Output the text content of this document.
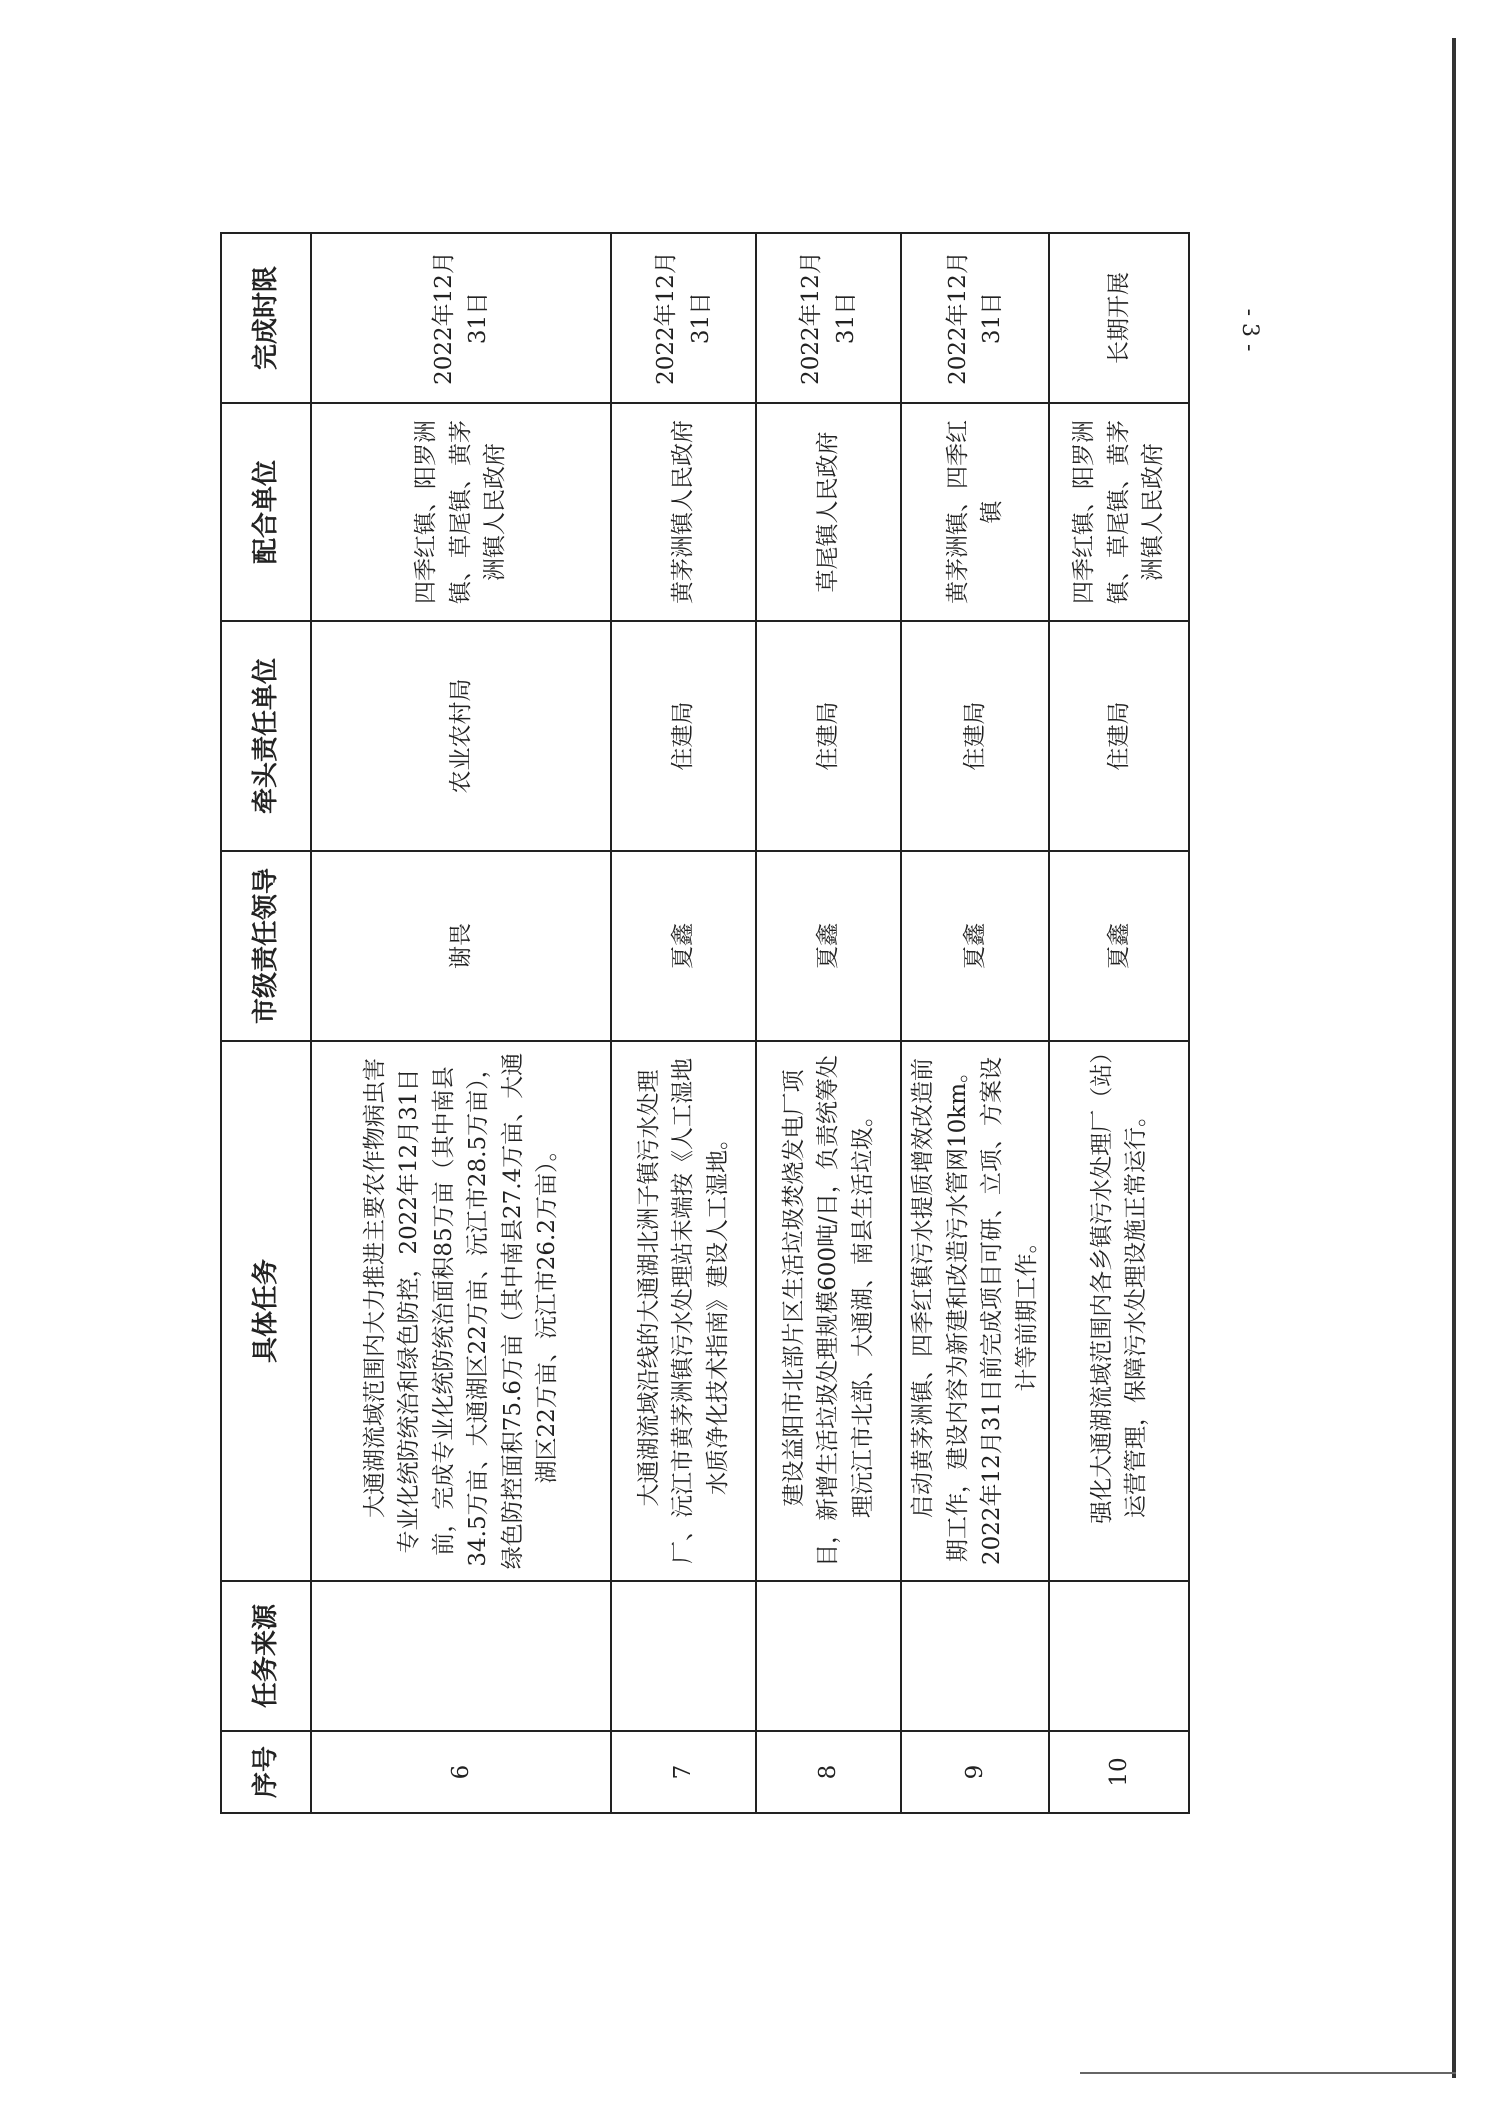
序号	任务来源	具体任务	市级责任领导	牵头责任单位	配合单位	完成时限
6		大通湖流域范围内大力推进主要农作物病虫害专业化统防统治和绿色防控，2022年12月31日前，完成专业化统防统治面积85万亩（其中南县34.5万亩、大通湖区22万亩、沅江市28.5万亩），绿色防控面积75.6万亩（其中南县27.4万亩、大通湖区22万亩、沅江市26.2万亩）。	谢畏	农业农村局	四季红镇、阳罗洲镇、草尾镇、黄茅洲镇人民政府	2022年12月31日
7		大通湖流域沿线的大通湖北洲子镇污水处理厂、沅江市黄茅洲镇污水处理站末端按《人工湿地水质净化技术指南》建设人工湿地。	夏鑫	住建局	黄茅洲镇人民政府	2022年12月31日
8		建设益阳市北部片区生活垃圾焚烧发电厂项目，新增生活垃圾处理规模600吨/日，负责统筹处理沅江市北部、大通湖、南县生活垃圾。	夏鑫	住建局	草尾镇人民政府	2022年12月31日
9		启动黄茅洲镇、四季红镇污水提质增效改造前期工作，建设内容为新建和改造污水管网10km。2022年12月31日前完成项目可研、立项、方案设计等前期工作。	夏鑫	住建局	黄茅洲镇、四季红镇	2022年12月31日
10		强化大通湖流域范围内各乡镇污水处理厂（站）运营管理，保障污水处理设施正常运行。	夏鑫	住建局	四季红镇、阳罗洲镇、草尾镇、黄茅洲镇人民政府	长期开展	- 3 -
